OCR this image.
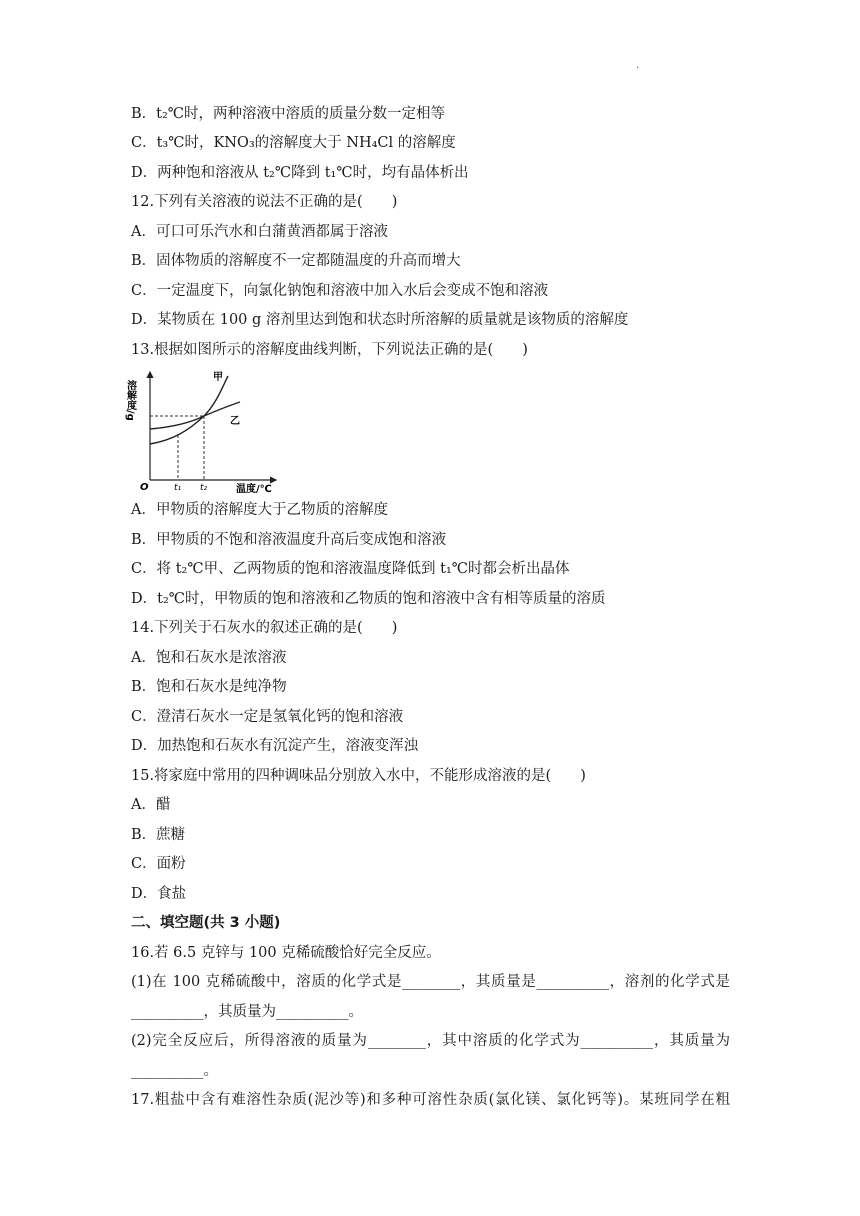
.
B．t₂℃时，两种溶液中溶质的质量分数一定相等
C．t₃℃时，KNO₃的溶解度大于 NH₄Cl 的溶解度
D．两种饱和溶液从 t₂℃降到 t₁℃时，均有晶体析出
12.下列有关溶液的说法不正确的是(　　)
A．可口可乐汽水和白蒲黄酒都属于溶液
B．固体物质的溶解度不一定都随温度的升高而增大
C．一定温度下，向氯化钠饱和溶液中加入水后会变成不饱和溶液
D．某物质在 100 g 溶剂里达到饱和状态时所溶解的质量就是该物质的溶解度
13.根据如图所示的溶解度曲线判断，下列说法正确的是(　　)
溶解度/g
甲
乙
O	t₁ t₂	温度/℃
A．甲物质的溶解度大于乙物质的溶解度
B．甲物质的不饱和溶液温度升高后变成饱和溶液
C．将 t₂℃甲、乙两物质的饱和溶液温度降低到 t₁℃时都会析出晶体
D．t₂℃时，甲物质的饱和溶液和乙物质的饱和溶液中含有相等质量的溶质
14.下列关于石灰水的叙述正确的是(　　)
A．饱和石灰水是浓溶液
B．饱和石灰水是纯净物
C．澄清石灰水一定是氢氧化钙的饱和溶液
D．加热饱和石灰水有沉淀产生，溶液变浑浊
15.将家庭中常用的四种调味品分别放入水中，不能形成溶液的是(　　)
A．醋
B．蔗糖
C．面粉
D．食盐
二、填空题(共 3 小题)
16.若 6.5 克锌与 100 克稀硫酸恰好完全反应。
(1)在 100 克稀硫酸中，溶质的化学式是________，其质量是__________，溶剂的化学式是
__________，其质量为__________。
(2)完全反应后，所得溶液的质量为________，其中溶质的化学式为__________，其质量为
__________。
17.粗盐中含有难溶性杂质(泥沙等)和多种可溶性杂质(氯化镁、氯化钙等)。某班同学在粗
